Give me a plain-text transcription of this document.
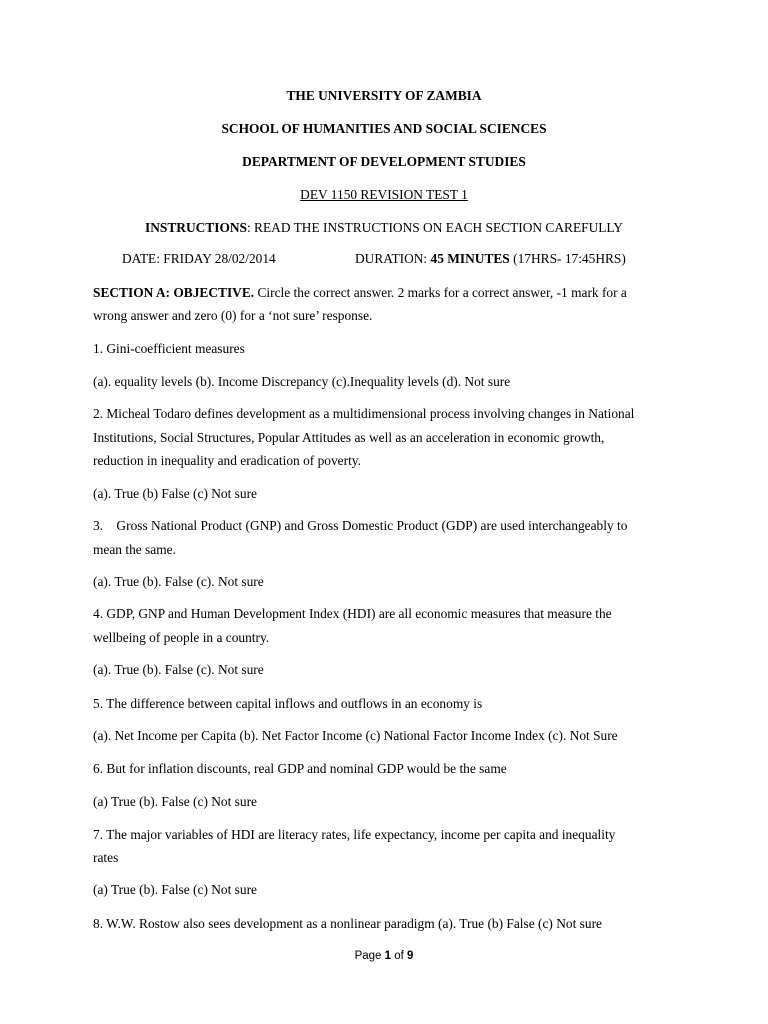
THE UNIVERSITY OF ZAMBIA
SCHOOL OF HUMANITIES AND SOCIAL SCIENCES
DEPARTMENT OF DEVELOPMENT STUDIES
DEV 1150 REVISION TEST 1
INSTRUCTIONS: READ THE INSTRUCTIONS ON EACH SECTION CAREFULLY
DATE: FRIDAY 28/02/2014	DURATION: 45 MINUTES (17HRS- 17:45HRS)
SECTION A: OBJECTIVE. Circle the correct answer. 2 marks for a correct answer, -1 mark for a
wrong answer and zero (0) for a ‘not sure’ response.
1. Gini-coefficient measures
(a). equality levels (b). Income Discrepancy (c).Inequality levels (d). Not sure
2. Micheal Todaro defines development as a multidimensional process involving changes in National
Institutions, Social Structures, Popular Attitudes as well as an acceleration in economic growth,
reduction in inequality and eradication of poverty.
(a). True (b) False (c) Not sure
3.    Gross National Product (GNP) and Gross Domestic Product (GDP) are used interchangeably to
mean the same.
(a). True (b). False (c). Not sure
4. GDP, GNP and Human Development Index (HDI) are all economic measures that measure the
wellbeing of people in a country.
(a). True (b). False (c). Not sure
5. The difference between capital inflows and outflows in an economy is
(a). Net Income per Capita (b). Net Factor Income (c) National Factor Income Index (c). Not Sure
6. But for inflation discounts, real GDP and nominal GDP would be the same
(a) True (b). False (c) Not sure
7. The major variables of HDI are literacy rates, life expectancy, income per capita and inequality
rates
(a) True (b). False (c) Not sure
8. W.W. Rostow also sees development as a nonlinear paradigm (a). True (b) False (c) Not sure
Page 1 of 9
